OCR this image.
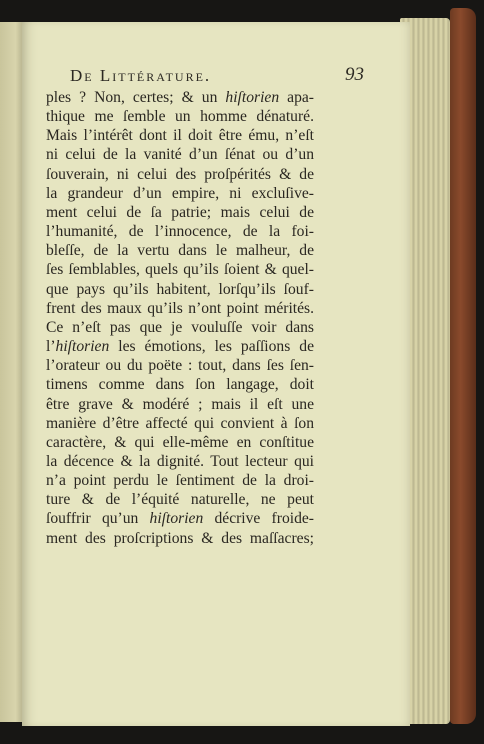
De Littérature.	93
ples ? Non, certes; & un hiſtorien apa-
thique me ſemble un homme dénaturé.
Mais l’intérêt dont il doit être ému, n’eſt
ni celui de la vanité d’un ſénat ou d’un
ſouverain, ni celui des proſpérités & de
la grandeur d’un empire, ni excluſive-
ment celui de ſa patrie; mais celui de
l’humanité, de l’innocence, de la foi-
bleſſe, de la vertu dans le malheur, de
ſes ſemblables, quels qu’ils ſoient & quel-
que pays qu’ils habitent, lorſqu’ils ſouf-
frent des maux qu’ils n’ont point mérités.
Ce n’eſt pas que je vouluſſe voir dans
l’hiſtorien les émotions, les paſſions de
l’orateur ou du poëte : tout, dans ſes ſen-
timens comme dans ſon langage, doit
être grave & modéré ; mais il eſt une
manière d’être affecté qui convient à ſon
caractère, & qui elle-même en conſtitue
la décence & la dignité. Tout lecteur qui
n’a point perdu le ſentiment de la droi-
ture & de l’équité naturelle, ne peut
ſouffrir qu’un hiſtorien décrive froide-
ment des proſcriptions & des maſſacres;
